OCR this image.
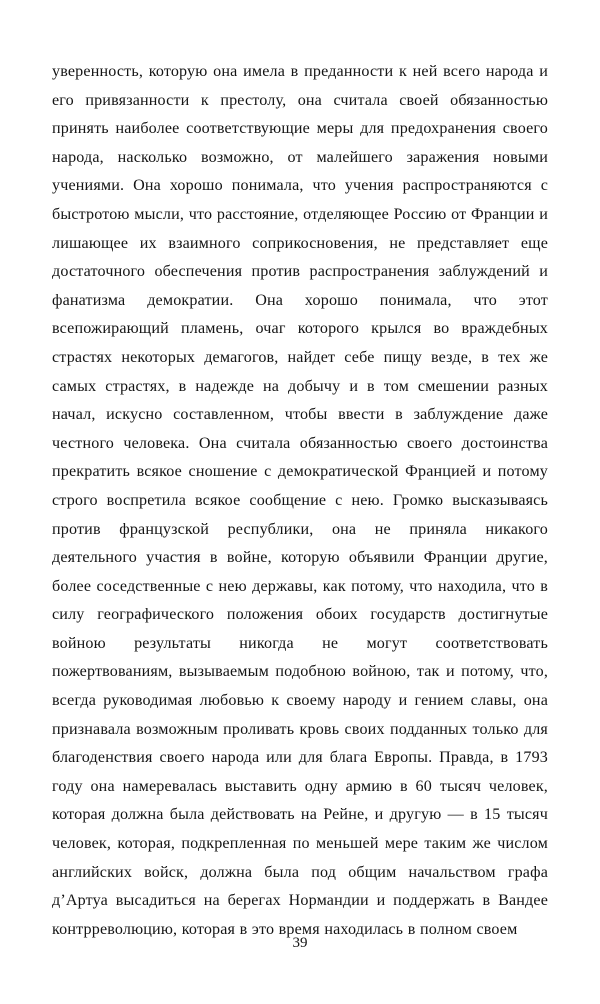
уверенность, которую она имела в преданности к ней всего народа и его привязанности к престолу, она считала своей обязанностью принять наиболее соответствующие меры для предохранения своего народа, насколько возможно, от малейшего заражения новыми учениями. Она хорошо понимала, что учения распространяются с быстротою мысли, что расстояние, отделяющее Россию от Франции и лишающее их взаимного соприкосновения, не представляет еще достаточного обеспечения против распространения заблуждений и фанатизма демократии. Она хорошо понимала, что этот всепожирающий пламень, очаг которого крылся во враждебных страстях некоторых демагогов, найдет себе пищу везде, в тех же самых страстях, в надежде на добычу и в том смешении разных начал, искусно составленном, чтобы ввести в заблуждение даже честного человека. Она считала обязанностью своего достоинства прекратить всякое сношение с демократической Францией и потому строго воспретила всякое сообщение с нею. Громко высказываясь против французской республики, она не приняла никакого деятельного участия в войне, которую объявили Франции другие, более соседственные с нею державы, как потому, что находила, что в силу географического положения обоих государств достигнутые войною результаты никогда не могут соответствовать пожертвованиям, вызываемым подобною войною, так и потому, что, всегда руководимая любовью к своему народу и гением славы, она признавала возможным проливать кровь своих подданных только для благоденствия своего народа или для блага Европы. Правда, в 1793 году она намеревалась выставить одну армию в 60 тысяч человек, которая должна была действовать на Рейне, и другую — в 15 тысяч человек, которая, подкрепленная по меньшей мере таким же числом английских войск, должна была под общим начальством графа д’Артуа высадиться на берегах Нормандии и поддержать в Вандее контрреволюцию, которая в это время находилась в полном своем
39
